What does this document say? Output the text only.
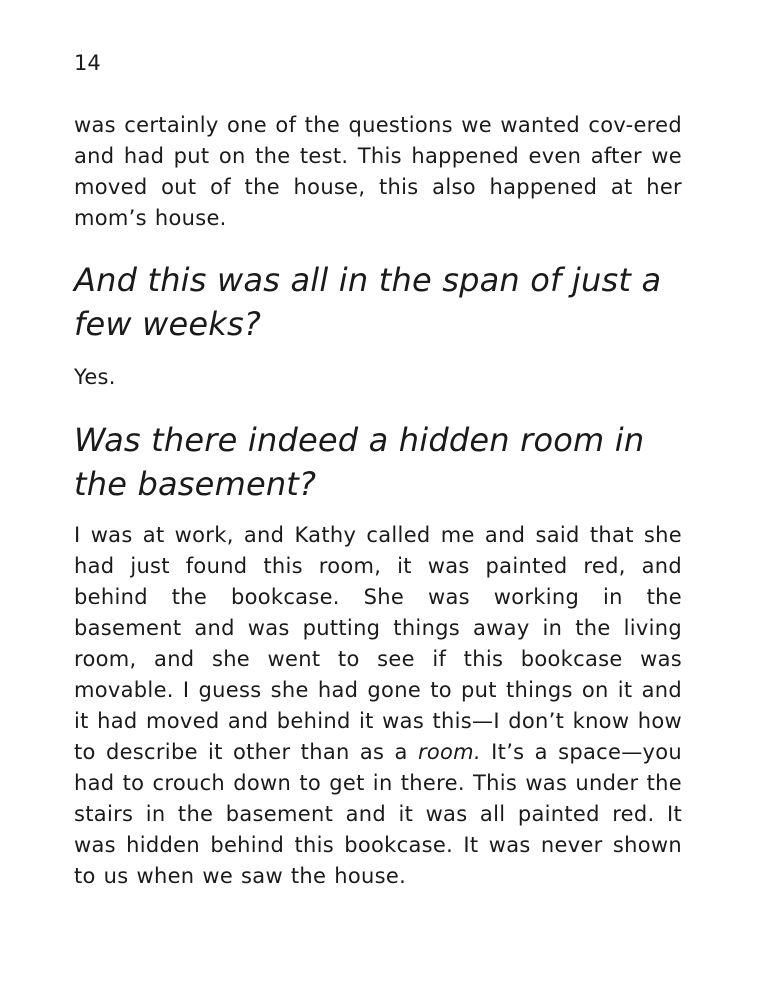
14

was certainly one of the questions we wanted cov-ered and had put on the test. This happened even after we moved out of the house, this also happened at her mom’s house.

And this was all in the span of just a few weeks?

Yes.

Was there indeed a hidden room in the basement?

I was at work, and Kathy called me and said that she had just found this room, it was painted red, and behind the bookcase. She was working in the basement and was putting things away in the living room, and she went to see if this bookcase was movable. I guess she had gone to put things on it and it had moved and behind it was this—I don’t know how to describe it other than as a room. It’s a space—you had to crouch down to get in there. This was under the stairs in the basement and it was all painted red. It was hidden behind this bookcase. It was never shown to us when we saw the house.
